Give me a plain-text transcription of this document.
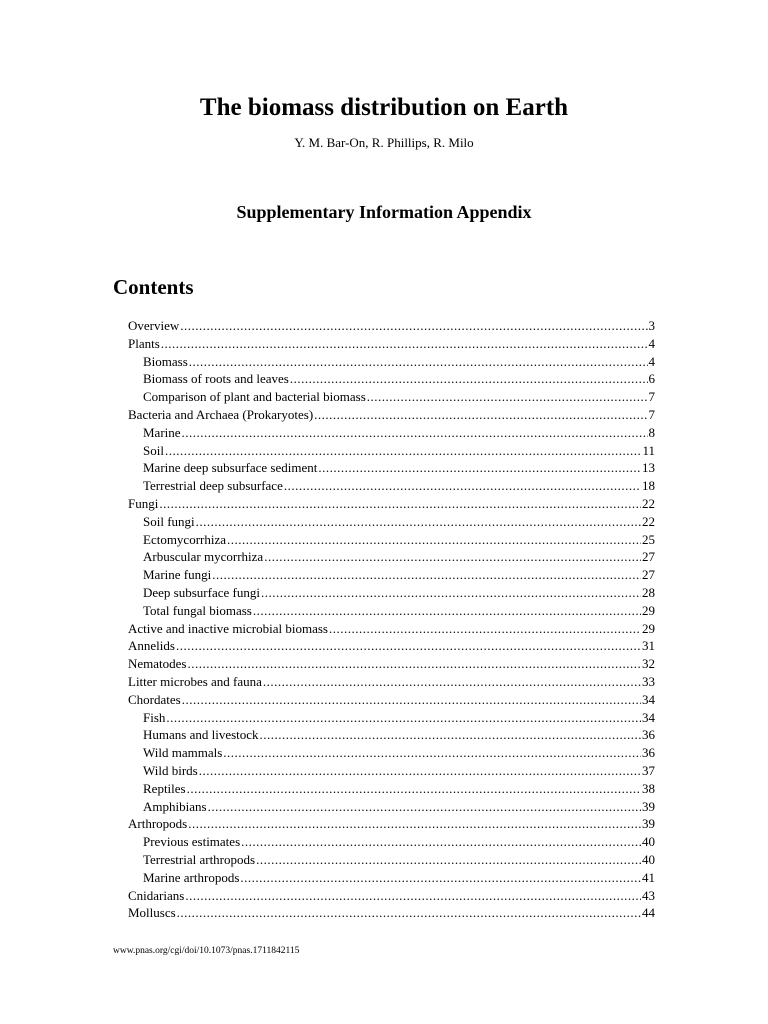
The biomass distribution on Earth
Y. M. Bar-On, R. Phillips, R. Milo
Supplementary Information Appendix
Contents
Overview .....	3
Plants .....	4
Biomass .....	4
Biomass of roots and leaves .....	6
Comparison of plant and bacterial biomass .....	7
Bacteria and Archaea (Prokaryotes) .....	7
Marine .....	8
Soil .....	11
Marine deep subsurface sediment .....	13
Terrestrial deep subsurface .....	18
Fungi .....	22
Soil fungi .....	22
Ectomycorrhiza .....	25
Arbuscular mycorrhiza .....	27
Marine fungi .....	27
Deep subsurface fungi .....	28
Total fungal biomass .....	29
Active and inactive microbial biomass .....	29
Annelids .....	31
Nematodes .....	32
Litter microbes and fauna .....	33
Chordates .....	34
Fish .....	34
Humans and livestock .....	36
Wild mammals .....	36
Wild birds .....	37
Reptiles .....	38
Amphibians .....	39
Arthropods .....	39
Previous estimates .....	40
Terrestrial arthropods .....	40
Marine arthropods .....	41
Cnidarians .....	43
Molluscs .....	44
www.pnas.org/cgi/doi/10.1073/pnas.1711842115
